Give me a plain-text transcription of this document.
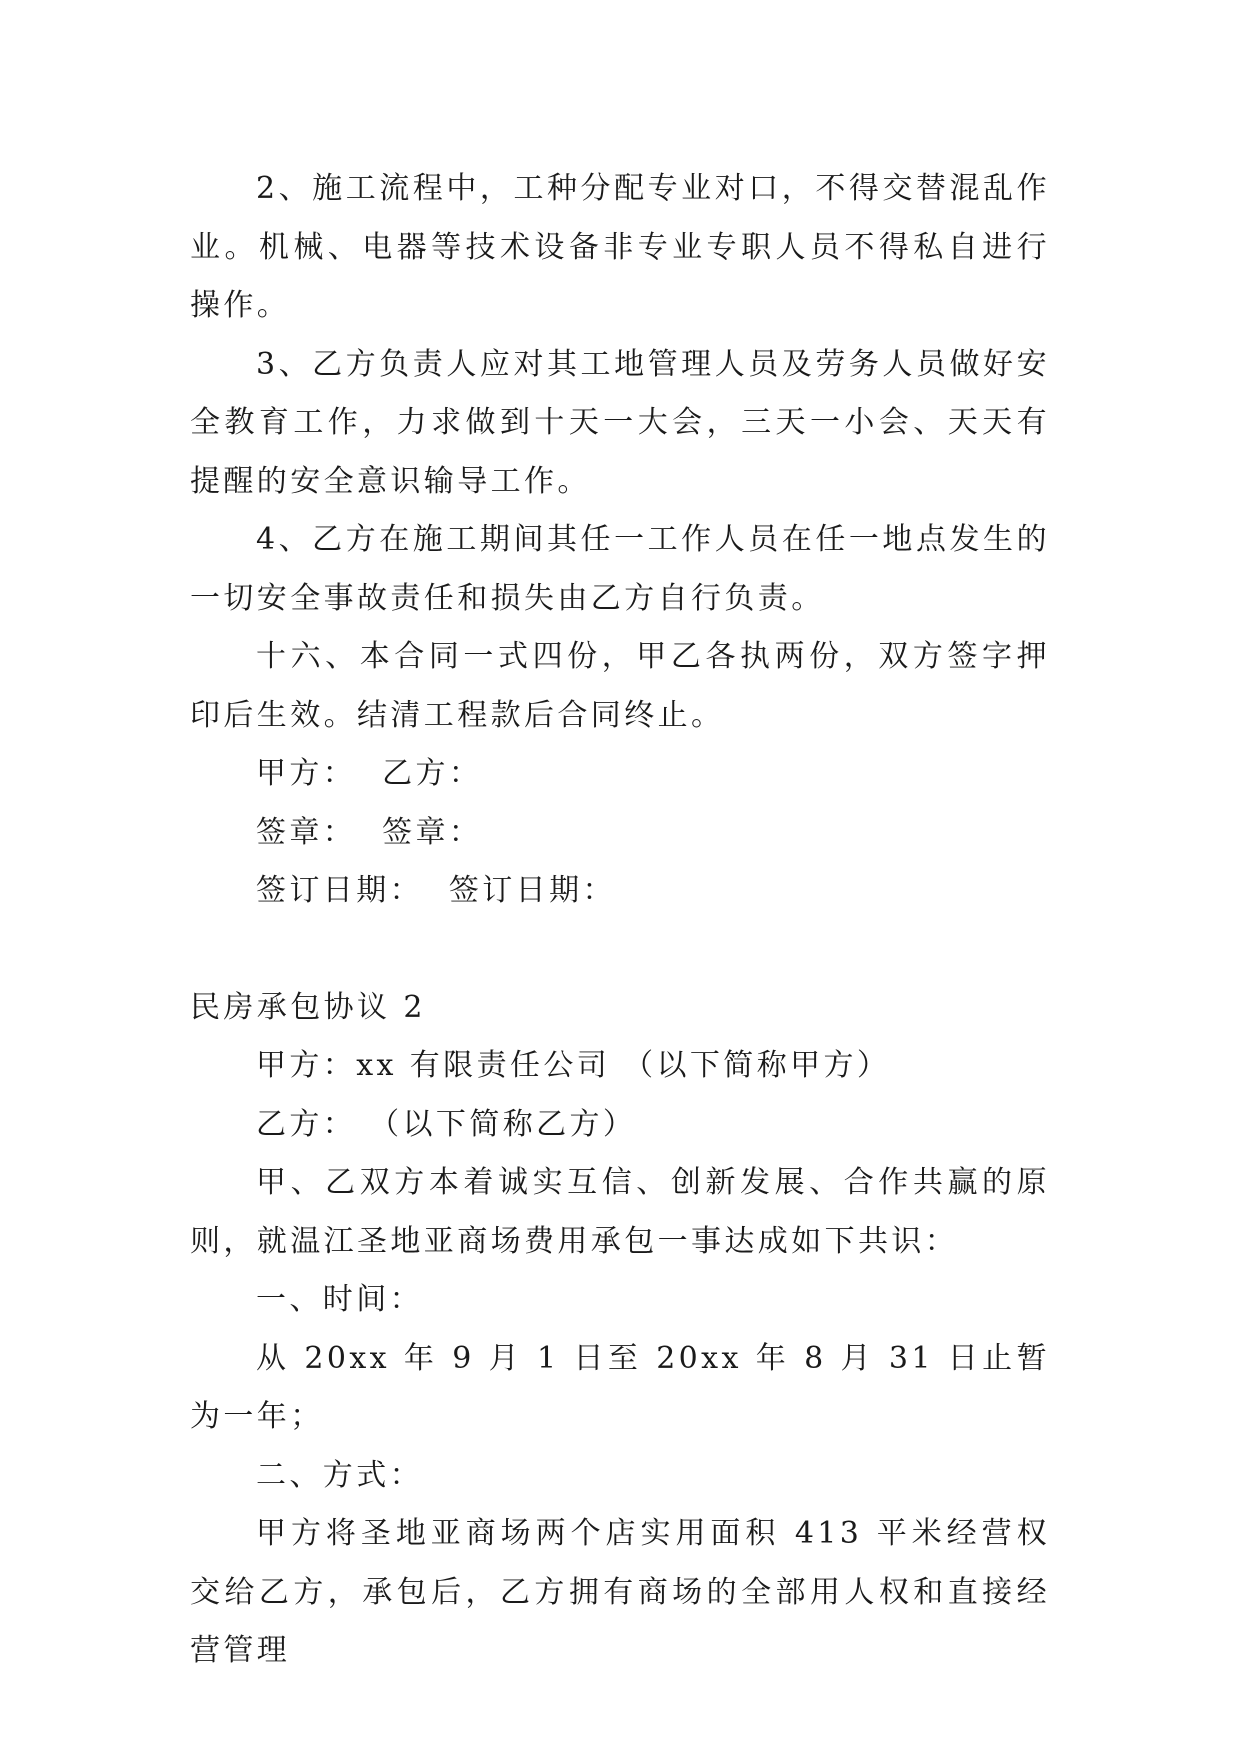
2、施工流程中，工种分配专业对口，不得交替混乱作业。机械、电器等技术设备非专业专职人员不得私自进行操作。

3、乙方负责人应对其工地管理人员及劳务人员做好安全教育工作，力求做到十天一大会，三天一小会、天天有提醒的安全意识输导工作。

4、乙方在施工期间其任一工作人员在任一地点发生的一切安全事故责任和损失由乙方自行负责。

十六、本合同一式四份，甲乙各执两份，双方签字押印后生效。结清工程款后合同终止。

甲方：  乙方：

签章：  签章：

签订日期：  签订日期：

民房承包协议 2

甲方：xx 有限责任公司 （以下简称甲方）

乙方： （以下简称乙方）

甲、乙双方本着诚实互信、创新发展、合作共赢的原则，就温江圣地亚商场费用承包一事达成如下共识：

一、时间：

从 20xx 年 9 月 1 日至 20xx 年 8 月 31 日止暂为一年；

二、方式：

甲方将圣地亚商场两个店实用面积 413 平米经营权交给乙方，承包后，乙方拥有商场的全部用人权和直接经营管理
